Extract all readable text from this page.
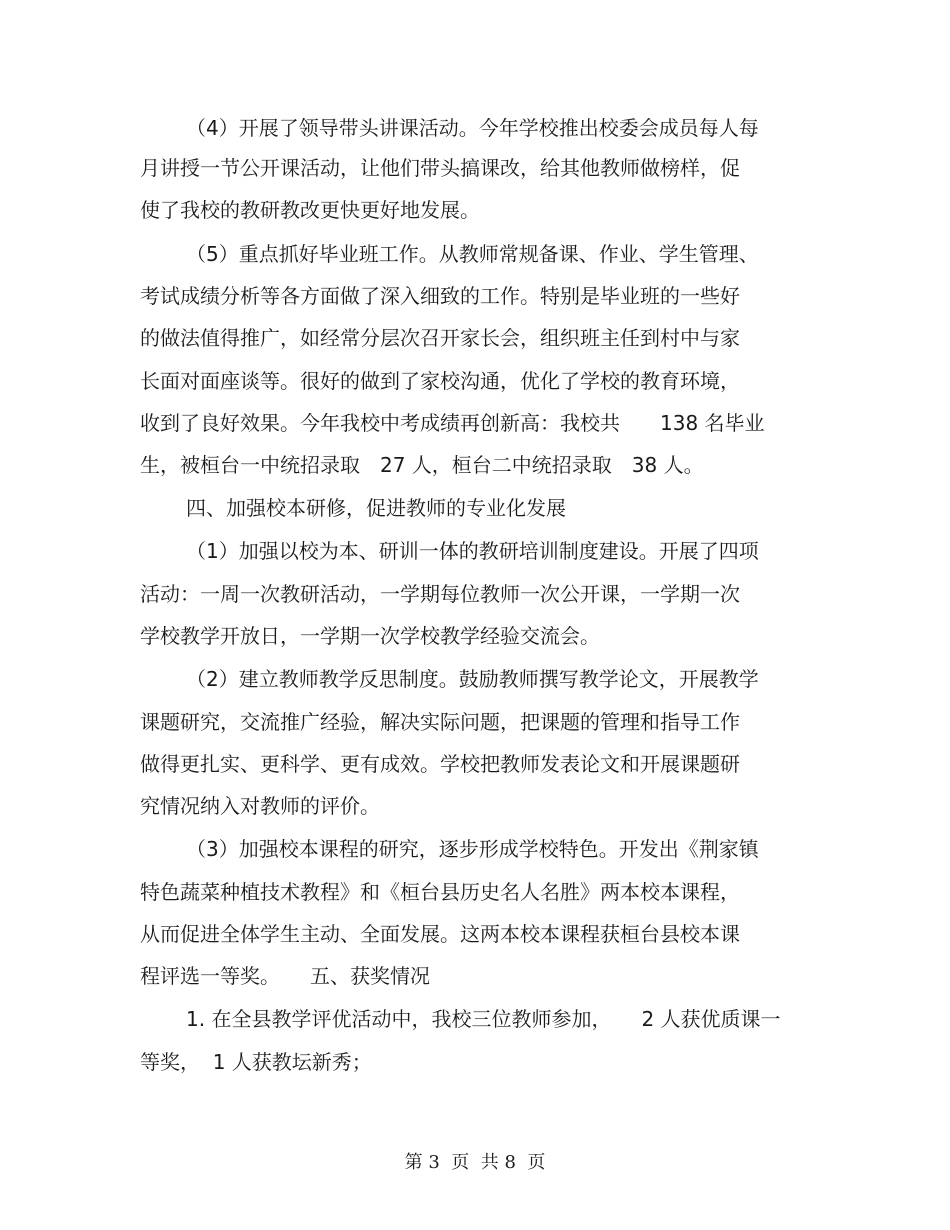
（4）开展了领导带头讲课活动。今年学校推出校委会成员每人每

月讲授一节公开课活动，让他们带头搞课改，给其他教师做榜样，促

使了我校的教研教改更快更好地发展。

（5）重点抓好毕业班工作。从教师常规备课、作业、学生管理、

考试成绩分析等各方面做了深入细致的工作。特别是毕业班的一些好

的做法值得推广，如经常分层次召开家长会，组织班主任到村中与家

长面对面座谈等。很好的做到了家校沟通，优化了学校的教育环境，

收到了良好效果。今年我校中考成绩再创新高：我校共　　138 名毕业

生，被桓台一中统招录取　27 人，桓台二中统招录取　38 人。

四、加强校本研修，促进教师的专业化发展

（1）加强以校为本、研训一体的教研培训制度建设。开展了四项

活动：一周一次教研活动，一学期每位教师一次公开课，一学期一次

学校教学开放日，一学期一次学校教学经验交流会。

（2）建立教师教学反思制度。鼓励教师撰写教学论文，开展教学

课题研究，交流推广经验，解决实际问题，把课题的管理和指导工作

做得更扎实、更科学、更有成效。学校把教师发表论文和开展课题研

究情况纳入对教师的评价。

（3）加强校本课程的研究，逐步形成学校特色。开发出《荆家镇

特色蔬菜种植技术教程》和《桓台县历史名人名胜》两本校本课程，

从而促进全体学生主动、全面发展。这两本校本课程获桓台县校本课

程评选一等奖。　　五、获奖情况

1. 在全县教学评优活动中，我校三位教师参加，　　2 人获优质课一

等奖，  1 人获教坛新秀；

第 3  页  共 8  页
